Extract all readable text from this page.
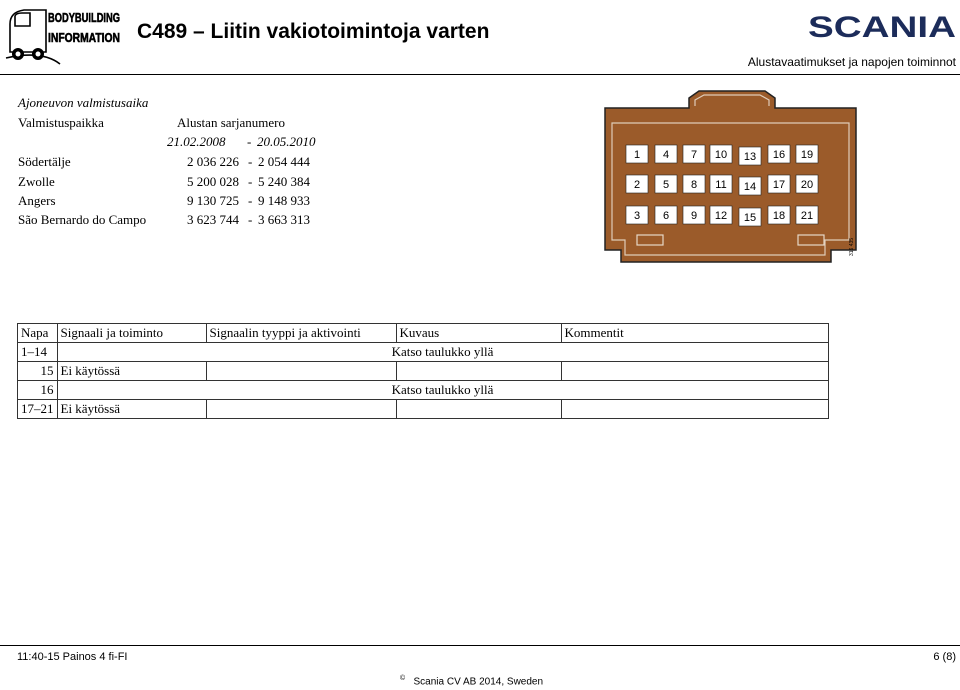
BODYBUILDING
INFORMATION C489 – Liitin vakiotoimintoja varten	SCANIA
Alustavaatimukset ja napojen toiminnot
Ajoneuvon valmistusaika
Valmistuspaikka	Alustan sarjanumero
21.02.2008 - 20.05.2010
Södertälje	2 036 226 - 2 054 444
Zwolle	5 200 028 - 5 240 384
Angers	9 130 725 - 9 148 933
São Bernardo do Campo	3 623 744 - 3 663 313
1
2
3
4
5
6
7
8
9
10
11
12
13
14
15
16
17
18
19
20
21
316 435
Napa	Signaali ja toiminto	Signaalin tyyppi ja aktivointi	Kuvaus	Kommentit
1–14	Katso taulukko yllä			
15	Ei käytössä			
16	Katso taulukko yllä			
17–21	Ei käytössä			
11:40-15 Painos 4 fi-FI	6 (8)
© Scania CV AB 2014, Sweden
